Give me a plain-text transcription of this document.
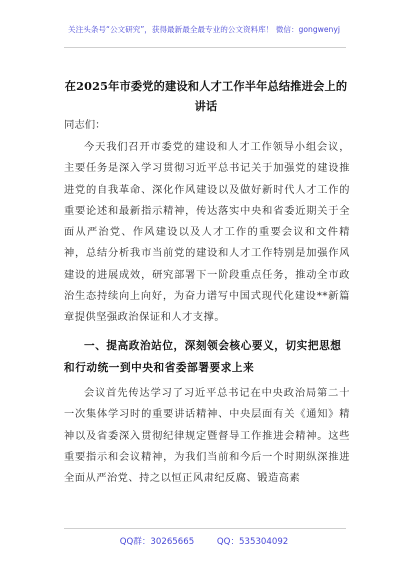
关注头条号“公文研究”，获得最新最全最专业的公文资料库！ 微信：gongwenyj
在2025年市委党的建设和人才工作半年总结推进会上的讲话
同志们：
今天我们召开市委党的建设和人才工作领导小组会议，主要任务是深入学习贯彻习近平总书记关于加强党的建设推进党的自我革命、深化作风建设以及做好新时代人才工作的重要论述和最新指示精神，传达落实中央和省委近期关于全面从严治党、作风建设以及人才工作的重要会议和文件精神，总结分析我市当前党的建设和人才工作特别是加强作风建设的进展成效，研究部署下一阶段重点任务，推动全市政治生态持续向上向好，为奋力谱写中国式现代化建设**新篇章提供坚强政治保证和人才支撑。
一、提高政治站位，深刻领会核心要义，切实把思想和行动统一到中央和省委部署要求上来
会议首先传达学习了习近平总书记在中央政治局第二十一次集体学习时的重要讲话精神、中央层面有关《通知》精神以及省委深入贯彻纪律规定暨督导工作推进会精神。这些重要指示和会议精神，为我们当前和今后一个时期纵深推进全面从严治党、持之以恒正风肃纪反腐、锻造高素
QQ群：30265665	QQ：535304092
